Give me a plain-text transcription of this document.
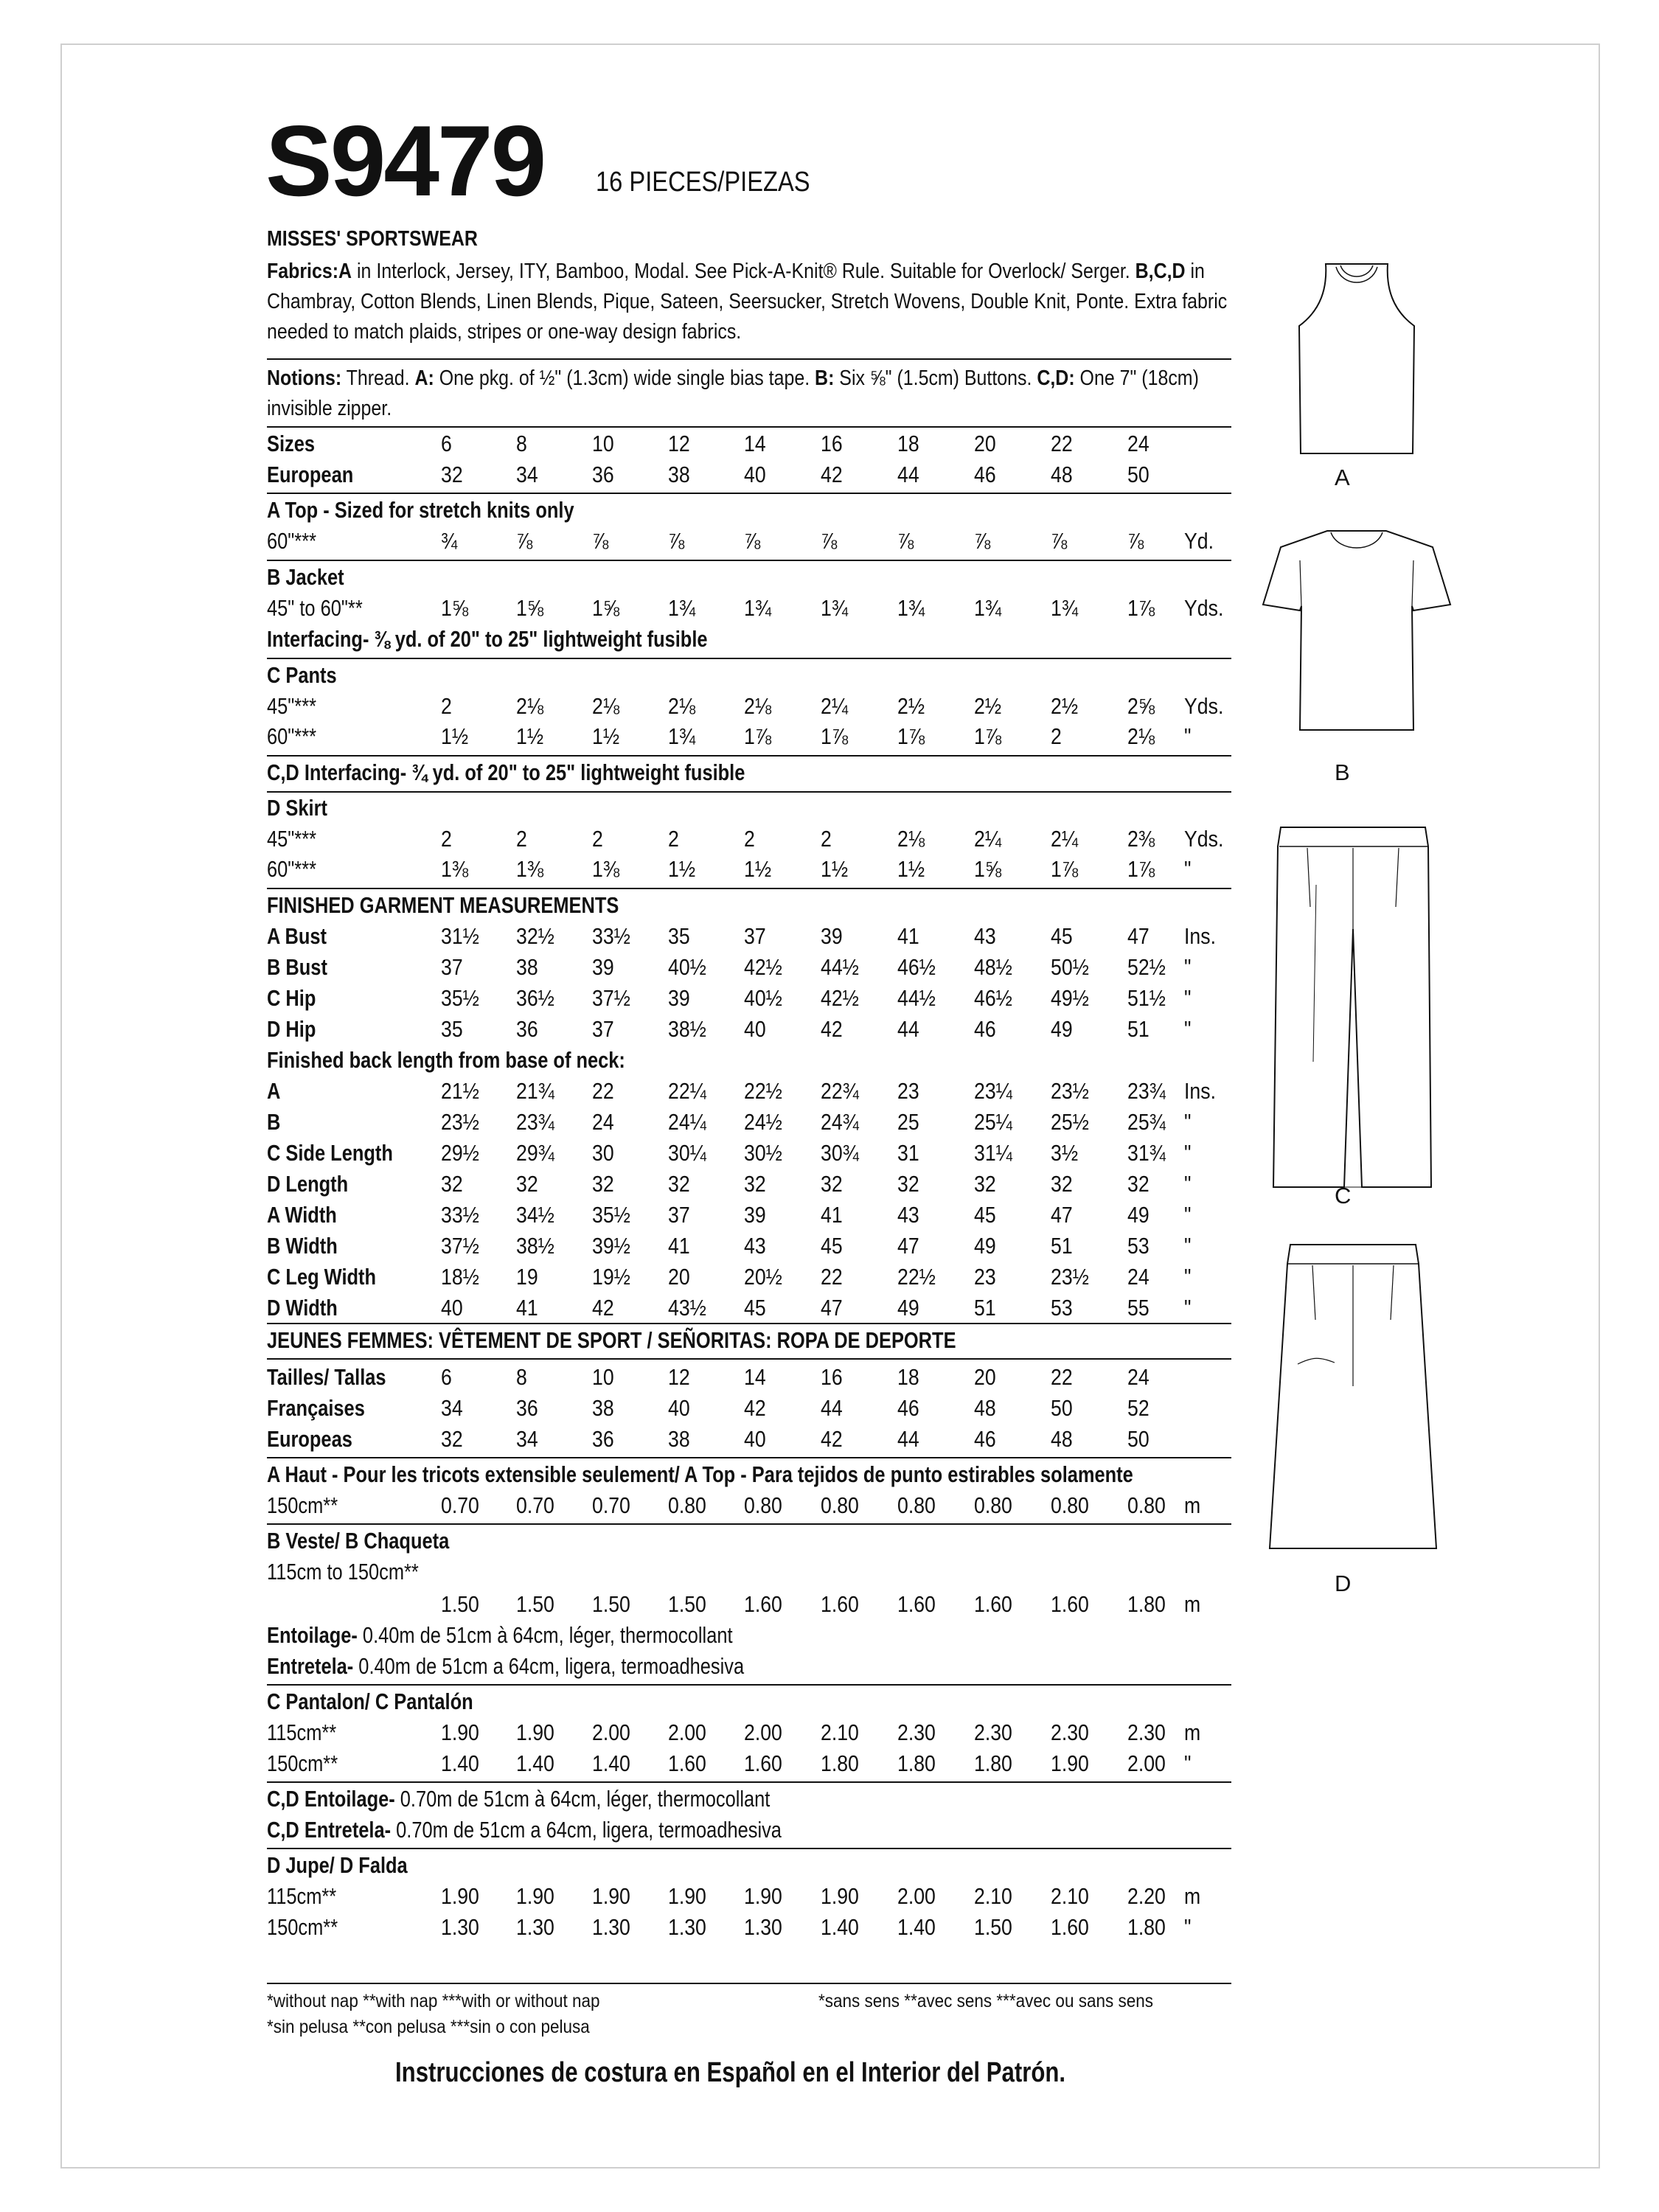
S9479 16 PIECES/PIEZAS
MISSES' SPORTSWEAR
Fabrics:A in Interlock, Jersey, ITY, Bamboo, Modal. See Pick-A-Knit® Rule. Suitable for Overlock/ Serger. B,C,D in Chambray, Cotton Blends, Linen Blends, Pique, Sateen, Seersucker, Stretch Wovens, Double Knit, Ponte. Extra fabric needed to match plaids, stripes or one-way design fabrics.
Notions: Thread. A: One pkg. of ½" (1.3cm) wide single bias tape. B: Six ⅝" (1.5cm) Buttons. C,D: One 7" (18cm) invisible zipper.
Sizes	6	8	10 12 14 16 18 20 22 24
European	32 34 36 38 40 42 44 46 48 50
A Top - Sized for stretch knits only
60"***	¾	⅞	⅞	⅞	⅞	⅞	⅞	⅞	⅞	⅞ Yd.
B Jacket
45" to 60"**	1⅝ 1⅝ 1⅝ 1¾ 1¾ 1¾ 1¾ 1¾ 1¾ 1⅞ Yds.
Interfacing- ⅜ yd. of 20" to 25" lightweight fusible
C Pants
45"***	2	2⅛ 2⅛ 2⅛ 2⅛ 2¼ 2½ 2½ 2½ 2⅝ Yds.
60"***	1½ 1½ 1½ 1¾ 1⅞ 1⅞ 1⅞ 1⅞ 2	2⅛ "
C,D Interfacing- ¾ yd. of 20" to 25" lightweight fusible
D Skirt
45"***	2	2	2	2	2	2	2⅛ 2¼ 2¼ 2⅜ Yds.
60"***	1⅜ 1⅜ 1⅜ 1½ 1½ 1½ 1½ 1⅝ 1⅞ 1⅞ "
FINISHED GARMENT MEASUREMENTS
A Bust	31½ 32½ 33½ 35 37 39 41 43 45 47 Ins.
B Bust	37 38 39 40½ 42½ 44½ 46½ 48½ 50½ 52½ "
C Hip	35½ 36½ 37½ 39 40½ 42½ 44½ 46½ 49½ 51½ "
D Hip	35 36 37 38½ 40 42 44 46 49 51 "
Finished back length from base of neck:
A	21½ 21¾ 22 22¼ 22½ 22¾ 23 23¼ 23½ 23¾ Ins.
B	23½ 23¾ 24 24¼ 24½ 24¾ 25 25¼ 25½ 25¾ "
C Side Length	29½ 29¾ 30 30¼ 30½ 30¾ 31 31¼ 3½ 31¾ "
D Length	32 32 32 32 32 32 32 32 32 32 "
A Width	33½ 34½ 35½ 37 39 41 43 45 47 49 "
B Width	37½ 38½ 39½ 41 43 45 47 49 51 53 "
C Leg Width	18½ 19 19½ 20 20½ 22 22½ 23 23½ 24 "
D Width	40 41 42 43½ 45 47 49 51 53 55 "
JEUNES FEMMES: VÊTEMENT DE SPORT / SEÑORITAS: ROPA DE DEPORTE
Tailles/ Tallas	6	8	10 12 14 16 18 20 22 24
Françaises	34 36 38 40 42 44 46 48 50 52
Europeas	32 34 36 38 40 42 44 46 48 50
A Haut - Pour les tricots extensible seulement/ A Top - Para tejidos de punto estirables solamente
150cm**	0.70 0.70 0.70 0.80 0.80 0.80 0.80 0.80 0.80 0.80 m
B Veste/ B Chaqueta
115cm to 150cm**
1.50 1.50 1.50 1.50 1.60 1.60 1.60 1.60 1.60 1.80 m
Entoilage- 0.40m de 51cm à 64cm, léger, thermocollant
Entretela- 0.40m de 51cm a 64cm, ligera, termoadhesiva
C Pantalon/ C Pantalón
115cm**	1.90 1.90 2.00 2.00 2.00 2.10 2.30 2.30 2.30 2.30 m
150cm**	1.40 1.40 1.40 1.60 1.60 1.80 1.80 1.80 1.90 2.00 "
C,D Entoilage- 0.70m de 51cm à 64cm, léger, thermocollant
C,D Entretela- 0.70m de 51cm a 64cm, ligera, termoadhesiva
D Jupe/ D Falda
115cm**	1.90 1.90 1.90 1.90 1.90 1.90 2.00 2.10 2.10 2.20 m
150cm**	1.30 1.30 1.30 1.30 1.30 1.40 1.40 1.50 1.60 1.80 "
*without nap **with nap ***with or without nap
*sin pelusa **con pelusa ***sin o con pelusa
*sans sens **avec sens ***avec ou sans sens
Instrucciones de costura en Español en el Interior del Patrón.
A
B
C
D
